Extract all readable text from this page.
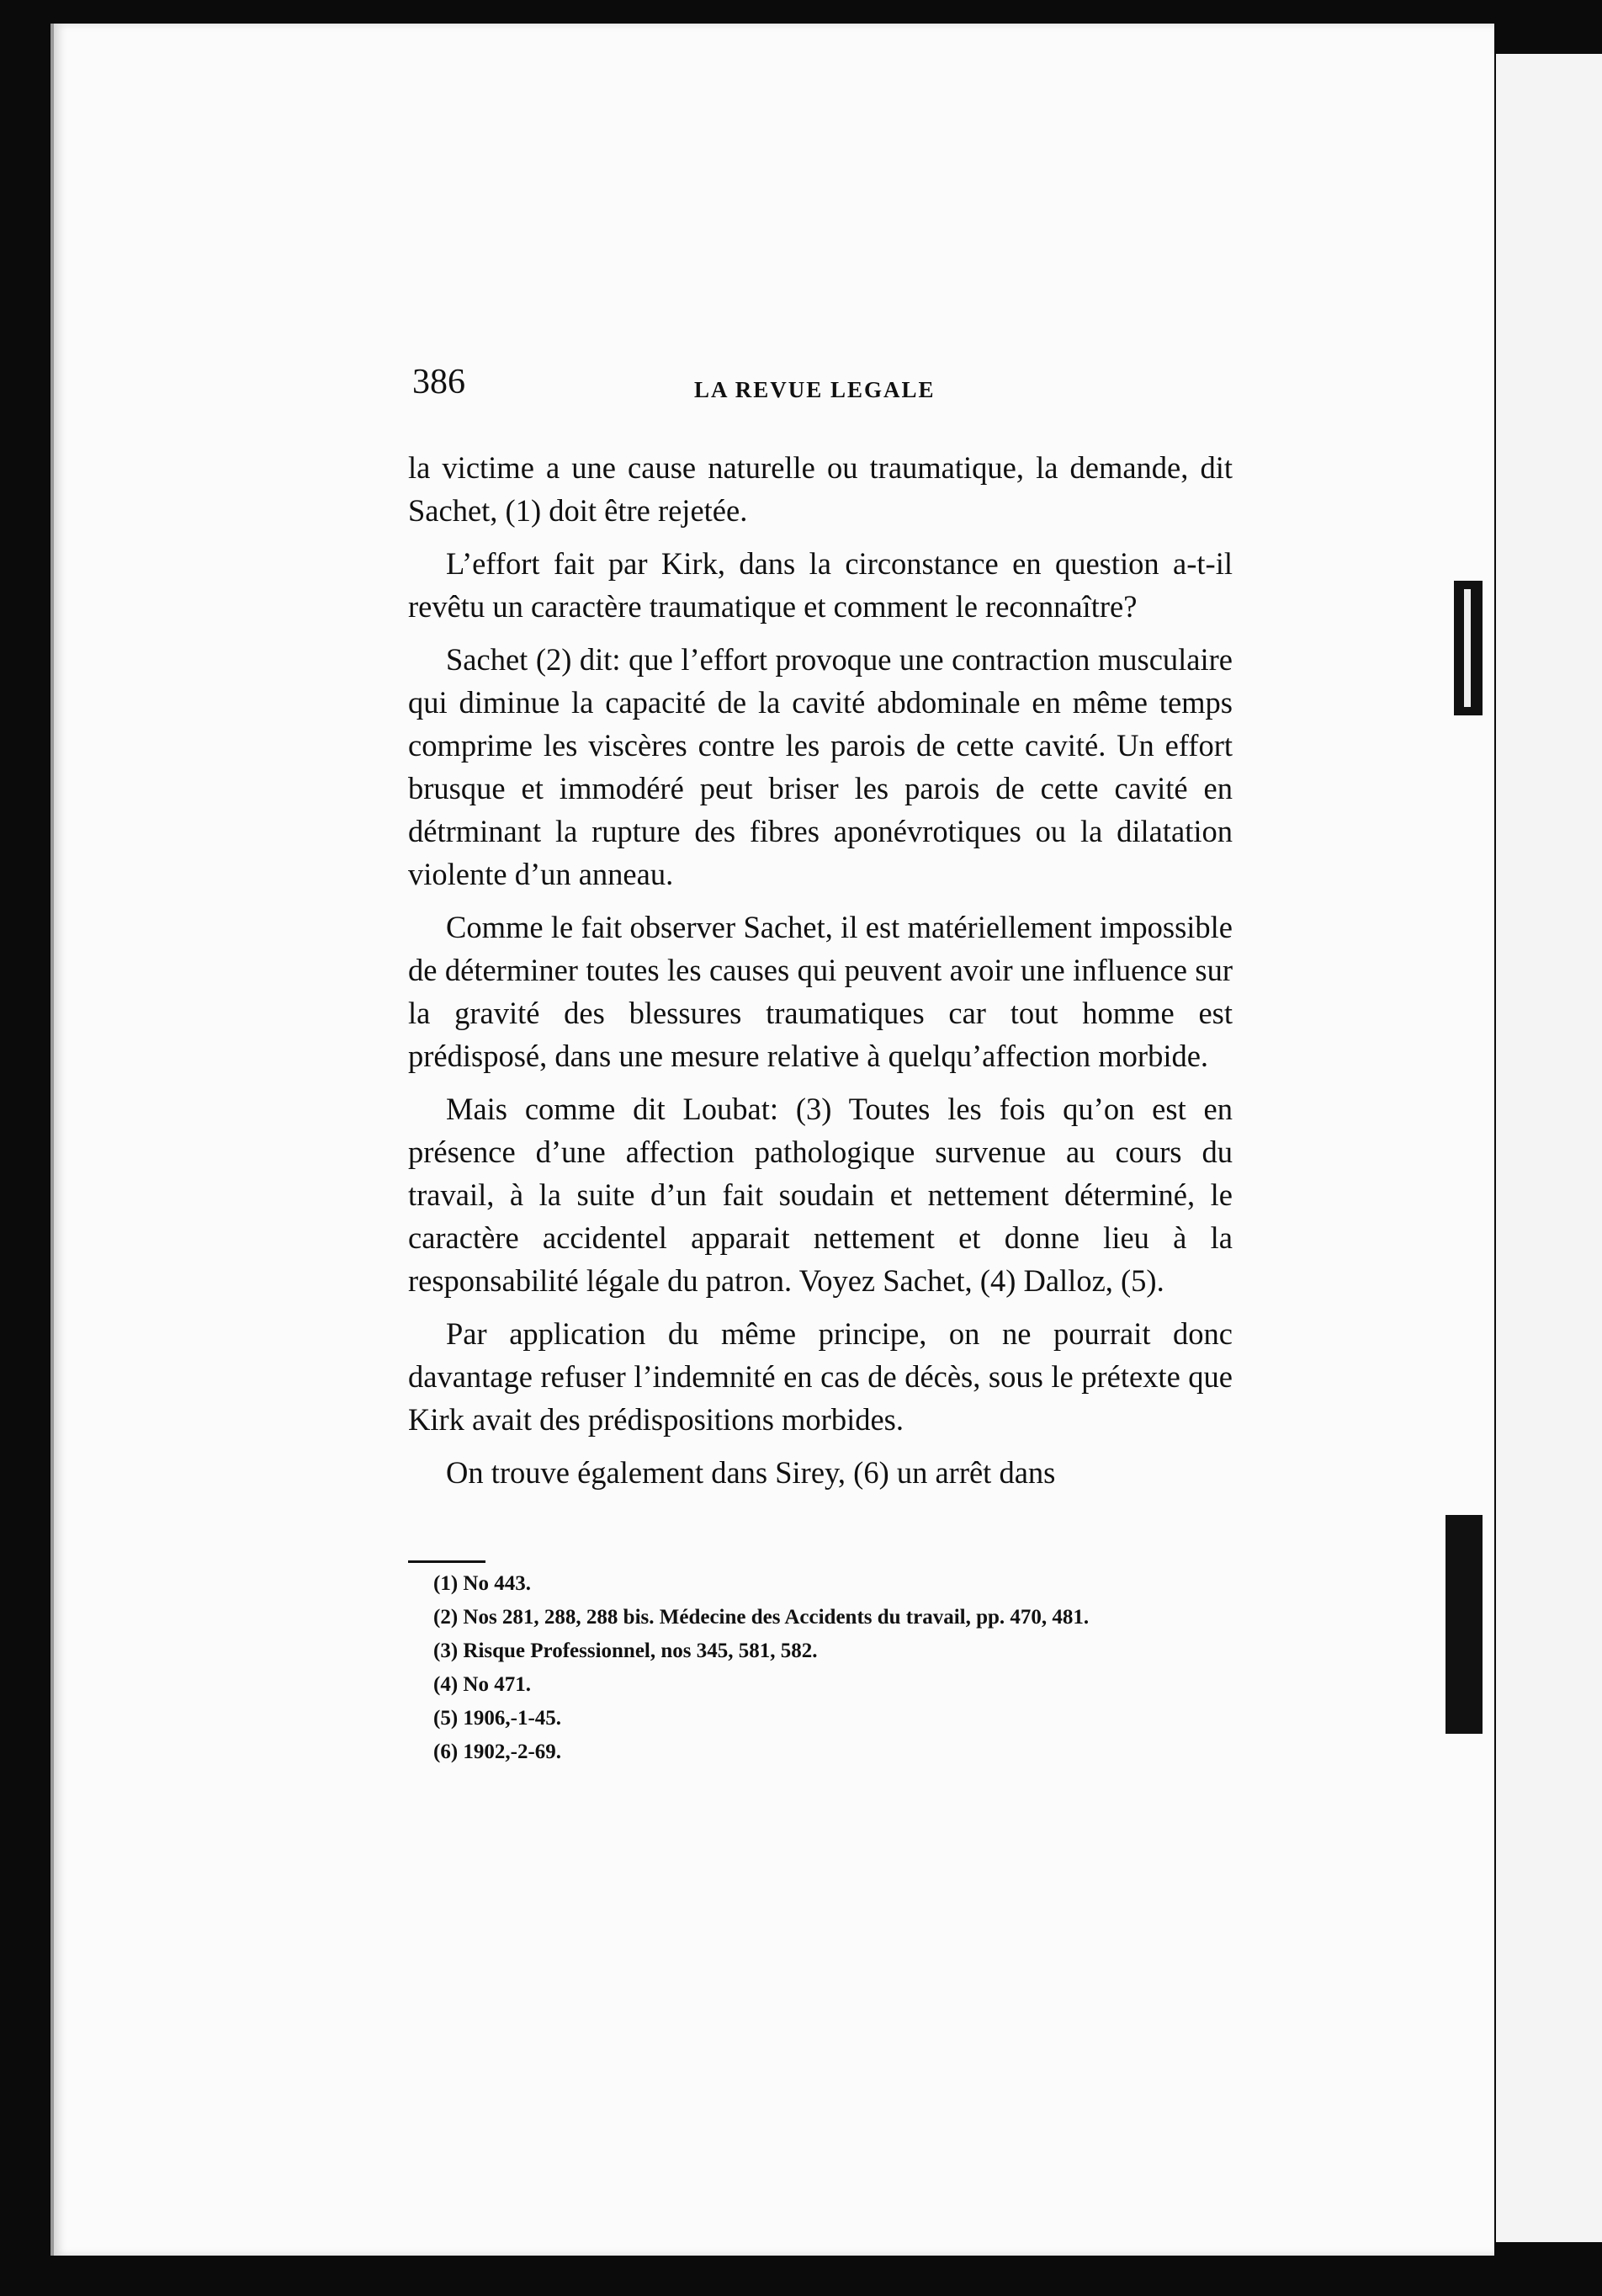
386	LA REVUE LEGALE

la victime a une cause naturelle ou traumatique, la demande, dit Sachet, (1) doit être rejetée.

L’effort fait par Kirk, dans la circonstance en question a-t-il revêtu un caractère traumatique et comment le reconnaître?

Sachet (2) dit: que l’effort provoque une contraction musculaire qui diminue la capacité de la cavité abdominale en même temps comprime les viscères contre les parois de cette cavité. Un effort brusque et immodéré peut briser les parois de cette cavité en détrminant la rupture des fibres aponévrotiques ou la dilatation violente d’un anneau.

Comme le fait observer Sachet, il est matériellement impossible de déterminer toutes les causes qui peuvent avoir une influence sur la gravité des blessures traumatiques car tout homme est prédisposé, dans une mesure relative à quelqu’affection morbide.

Mais comme dit Loubat: (3) Toutes les fois qu’on est en présence d’une affection pathologique survenue au cours du travail, à la suite d’un fait soudain et nettement déterminé, le caractère accidentel apparait nettement et donne lieu à la responsabilité légale du patron. Voyez Sachet, (4) Dalloz, (5).

Par application du même principe, on ne pourrait donc davantage refuser l’indemnité en cas de décès, sous le prétexte que Kirk avait des prédispositions morbides.

On trouve également dans Sirey, (6) un arrêt dans

(1) No 443.

(2) Nos 281, 288, 288 bis. Médecine des Accidents du travail, pp. 470, 481.

(3) Risque Professionnel, nos 345, 581, 582.

(4) No 471.

(5) 1906,-1-45.

(6) 1902,-2-69.
